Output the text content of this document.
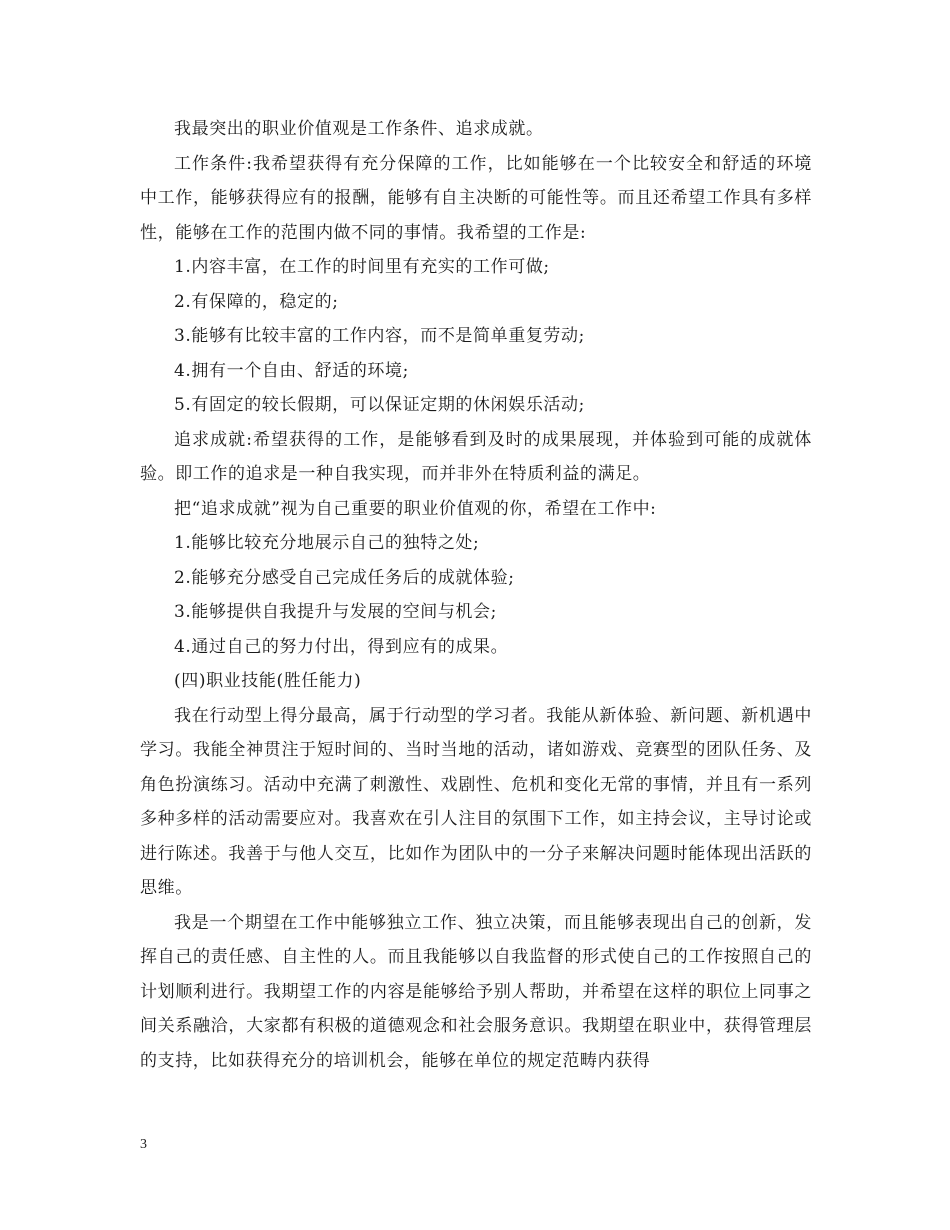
我最突出的职业价值观是工作条件、追求成就。

工作条件:我希望获得有充分保障的工作，比如能够在一个比较安全和舒适的环境中工作，能够获得应有的报酬，能够有自主决断的可能性等。而且还希望工作具有多样性，能够在工作的范围内做不同的事情。我希望的工作是:

1.内容丰富，在工作的时间里有充实的工作可做;

2.有保障的，稳定的;

3.能够有比较丰富的工作内容，而不是简单重复劳动;

4.拥有一个自由、舒适的环境;

5.有固定的较长假期，可以保证定期的休闲娱乐活动;

追求成就:希望获得的工作，是能够看到及时的成果展现，并体验到可能的成就体验。即工作的追求是一种自我实现，而并非外在特质利益的满足。

把“追求成就”视为自己重要的职业价值观的你，希望在工作中:

1.能够比较充分地展示自己的独特之处;

2.能够充分感受自己完成任务后的成就体验;

3.能够提供自我提升与发展的空间与机会;

4.通过自己的努力付出，得到应有的成果。

(四)职业技能(胜任能力)

我在行动型上得分最高，属于行动型的学习者。我能从新体验、新问题、新机遇中学习。我能全神贯注于短时间的、当时当地的活动，诸如游戏、竞赛型的团队任务、及角色扮演练习。活动中充满了刺激性、戏剧性、危机和变化无常的事情，并且有一系列多种多样的活动需要应对。我喜欢在引人注目的氛围下工作，如主持会议，主导讨论或进行陈述。我善于与他人交互，比如作为团队中的一分子来解决问题时能体现出活跃的思维。

我是一个期望在工作中能够独立工作、独立决策，而且能够表现出自己的创新，发挥自己的责任感、自主性的人。而且我能够以自我监督的形式使自己的工作按照自己的计划顺利进行。我期望工作的内容是能够给予别人帮助，并希望在这样的职位上同事之间关系融洽，大家都有积极的道德观念和社会服务意识。我期望在职业中，获得管理层的支持，比如获得充分的培训机会，能够在单位的规定范畴内获得

3
